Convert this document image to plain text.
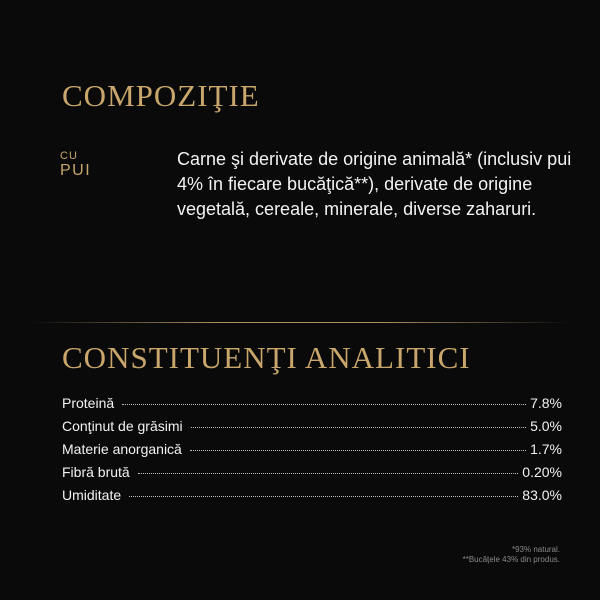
COMPOZIŢIE
CU
PUI

Carne şi derivate de origine animală* (inclusiv pui 4% în fiecare bucăţică**), derivate de origine vegetală, cereale, minerale, diverse zaharuri.

CONSTITUENŢI ANALITICI
Proteină	7.8%
Conţinut de grăsimi	5.0%
Materie anorganică	1.7%
Fibră brută	0.20%
Umiditate	83.0%
*93% natural.
**Bucăţele 43% din produs.
